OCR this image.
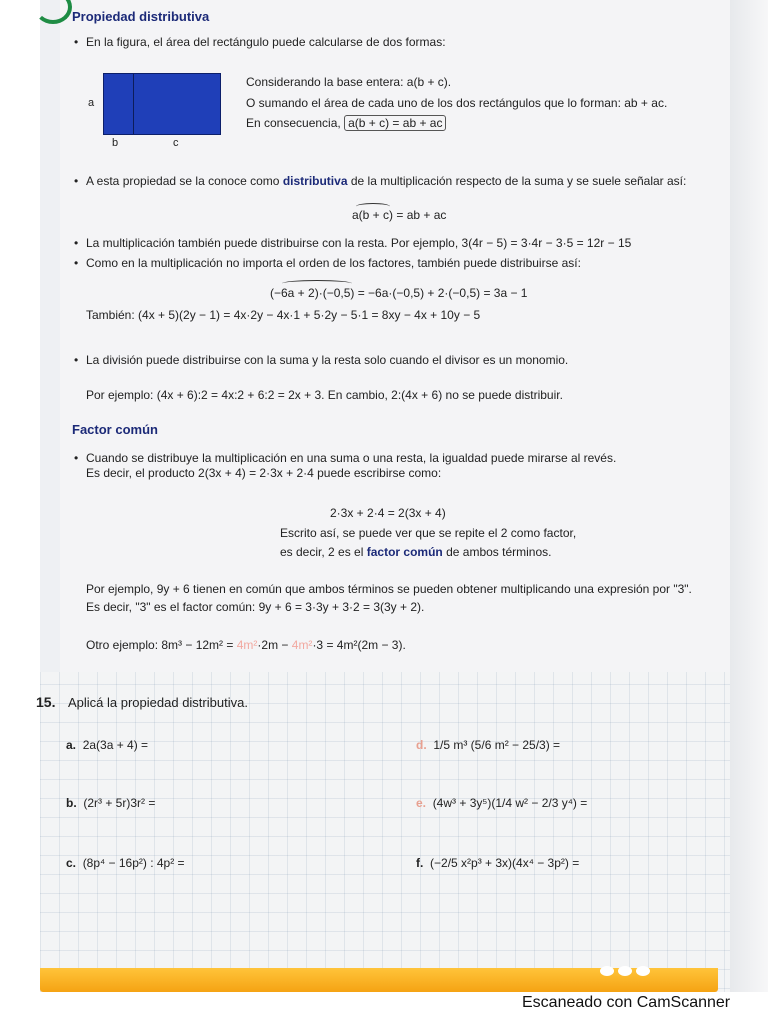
Propiedad distributiva
• En la figura, el área del rectángulo puede calcularse de dos formas:
a
b	c
Considerando la base entera: a(b + c).
O sumando el área de cada uno de los dos rectángulos que lo forman: ab + ac.
En consecuencia, a(b + c) = ab + ac
• A esta propiedad se la conoce como distributiva de la multiplicación respecto de la suma y se suele señalar así:
a(b + c) = ab + ac
• La multiplicación también puede distribuirse con la resta. Por ejemplo, 3(4r − 5) = 3·4r − 3·5 = 12r − 15
• Como en la multiplicación no importa el orden de los factores, también puede distribuirse así:
(−6a + 2)·(−0,5) = −6a·(−0,5) + 2·(−0,5) = 3a − 1
También: (4x + 5)(2y − 1) = 4x·2y − 4x·1 + 5·2y − 5·1 = 8xy − 4x + 10y − 5
• La división puede distribuirse con la suma y la resta solo cuando el divisor es un monomio.
Por ejemplo: (4x + 6):2 = 4x:2 + 6:2 = 2x + 3. En cambio, 2:(4x + 6) no se puede distribuir.
Factor común
• Cuando se distribuye la multiplicación en una suma o una resta, la igualdad puede mirarse al revés.
Es decir, el producto 2(3x + 4) = 2·3x + 2·4 puede escribirse como:
2·3x + 2·4 = 2(3x + 4)
Escrito así, se puede ver que se repite el 2 como factor,
es decir, 2 es el factor común de ambos términos.
Por ejemplo, 9y + 6 tienen en común que ambos términos se pueden obtener multiplicando una expresión por "3".
Es decir, "3" es el factor común: 9y + 6 = 3·3y + 3·2 = 3(3y + 2).
Otro ejemplo: 8m³ − 12m² = 4m²·2m − 4m²·3 = 4m²(2m − 3).
15. Aplicá la propiedad distributiva.
a. 2a(3a + 4) =
b. (2r³ + 5r)3r² =
c. (8p⁴ − 16p²) : 4p² =
d. 1/5 m³ (5/6 m² − 25/3) =
e. (4w³ + 3y⁵)(1/4 w² − 2/3 y⁴) =
f. (−2/5 x²p³ + 3x)(4x⁴ − 3p²) =
Escaneado con CamScanner
